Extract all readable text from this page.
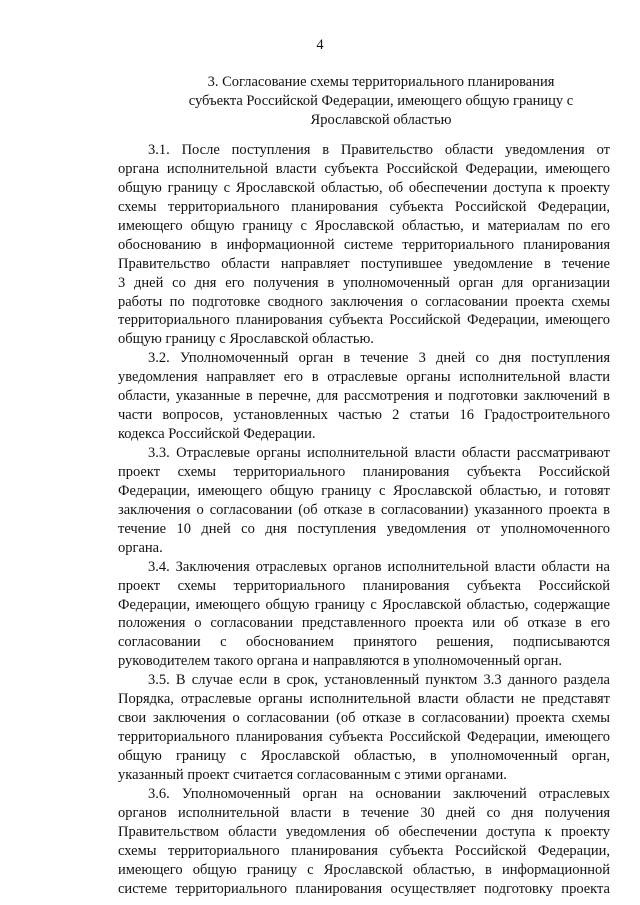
4
3. Согласование схемы территориального планирования
субъекта Российской Федерации, имеющего общую границу с
Ярославской областью
3.1. После поступления в Правительство области уведомления от
органа исполнительной власти субъекта Российской Федерации, имеющего
общую границу с Ярославской областью, об обеспечении доступа к проекту
схемы территориального планирования субъекта Российской Федерации,
имеющего общую границу с Ярославской областью, и материалам по его
обоснованию в информационной системе территориального планирования
Правительство области направляет поступившее уведомление в течение
3 дней со дня его получения в уполномоченный орган для организации
работы по подготовке сводного заключения о согласовании проекта схемы
территориального планирования субъекта Российской Федерации, имеющего
общую границу с Ярославской областью.
3.2. Уполномоченный орган в течение 3 дней со дня поступления
уведомления направляет его в отраслевые органы исполнительной власти
области, указанные в перечне, для рассмотрения и подготовки заключений в
части вопросов, установленных частью 2 статьи 16 Градостроительного
кодекса Российской Федерации.
3.3. Отраслевые органы исполнительной власти области рассматривают
проект схемы территориального планирования субъекта Российской
Федерации, имеющего общую границу с Ярославской областью, и готовят
заключения о согласовании (об отказе в согласовании) указанного проекта в
течение 10 дней со дня поступления уведомления от уполномоченного
органа.
3.4. Заключения отраслевых органов исполнительной власти области на
проект схемы территориального планирования субъекта Российской
Федерации, имеющего общую границу с Ярославской областью, содержащие
положения о согласовании представленного проекта или об отказе в его
согласовании с обоснованием принятого решения, подписываются
руководителем такого органа и направляются в уполномоченный орган.
3.5. В случае если в срок, установленный пунктом 3.3 данного раздела
Порядка, отраслевые органы исполнительной власти области не представят
свои заключения о согласовании (об отказе в согласовании) проекта схемы
территориального планирования субъекта Российской Федерации, имеющего
общую границу с Ярославской областью, в уполномоченный орган,
указанный проект считается согласованным с этими органами.
3.6. Уполномоченный орган на основании заключений отраслевых
органов исполнительной власти в течение 30 дней со дня получения
Правительством области уведомления об обеспечении доступа к проекту
схемы территориального планирования субъекта Российской Федерации,
имеющего общую границу с Ярославской областью, в информационной
системе территориального планирования осуществляет подготовку проекта
